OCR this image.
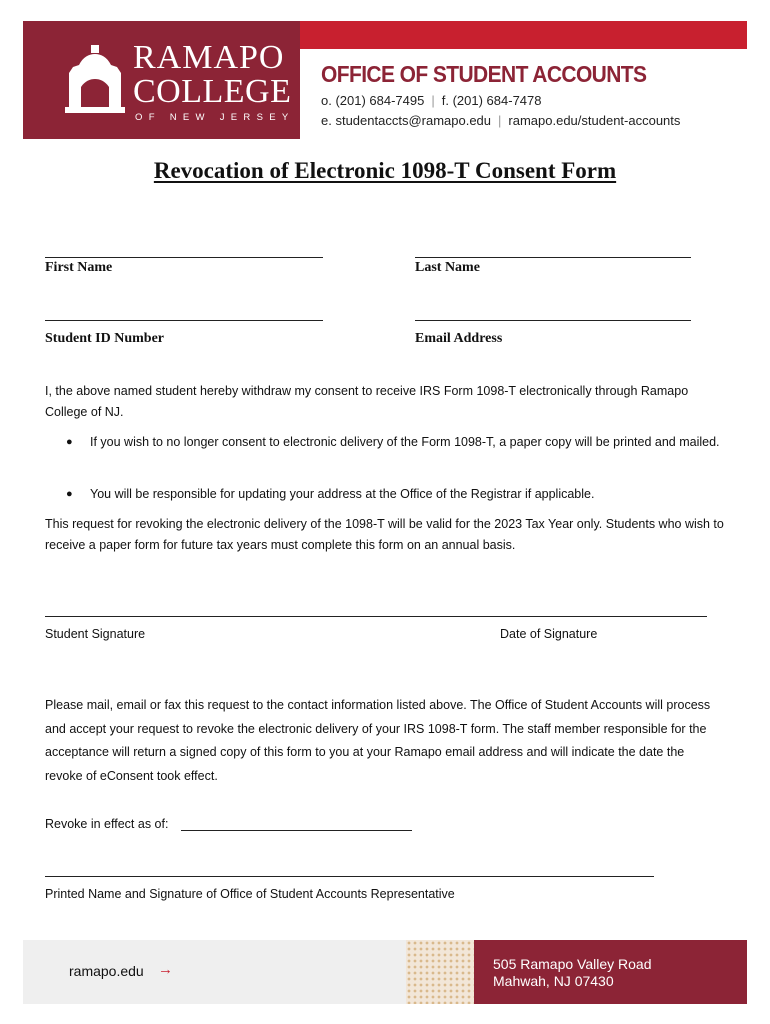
RAMAPO
COLLEGE
OF NEW JERSEY
OFFICE OF STUDENT ACCOUNTS
o. (201) 684-7495 | f. (201) 684-7478
e. studentaccts@ramapo.edu | ramapo.edu/student-accounts
Revocation of Electronic 1098-T Consent Form
First Name	Last Name
Student ID Number	Email Address
I, the above named student hereby withdraw my consent to receive IRS Form 1098-T electronically through Ramapo College of NJ.
● If you wish to no longer consent to electronic delivery of the Form 1098-T, a paper copy will be printed and mailed.
● You will be responsible for updating your address at the Office of the Registrar if applicable.
This request for revoking the electronic delivery of the 1098-T will be valid for the 2023 Tax Year only. Students who wish to receive a paper form for future tax years must complete this form on an annual basis.
Student Signature	Date of Signature
Please mail, email or fax this request to the contact information listed above. The Office of Student Accounts will process and accept your request to revoke the electronic delivery of your IRS 1098-T form. The staff member responsible for the acceptance will return a signed copy of this form to you at your Ramapo email address and will indicate the date the revoke of eConsent took effect.
Revoke in effect as of:
Printed Name and Signature of Office of Student Accounts Representative
ramapo.edu →	505 Ramapo Valley Road
Mahwah, NJ 07430
